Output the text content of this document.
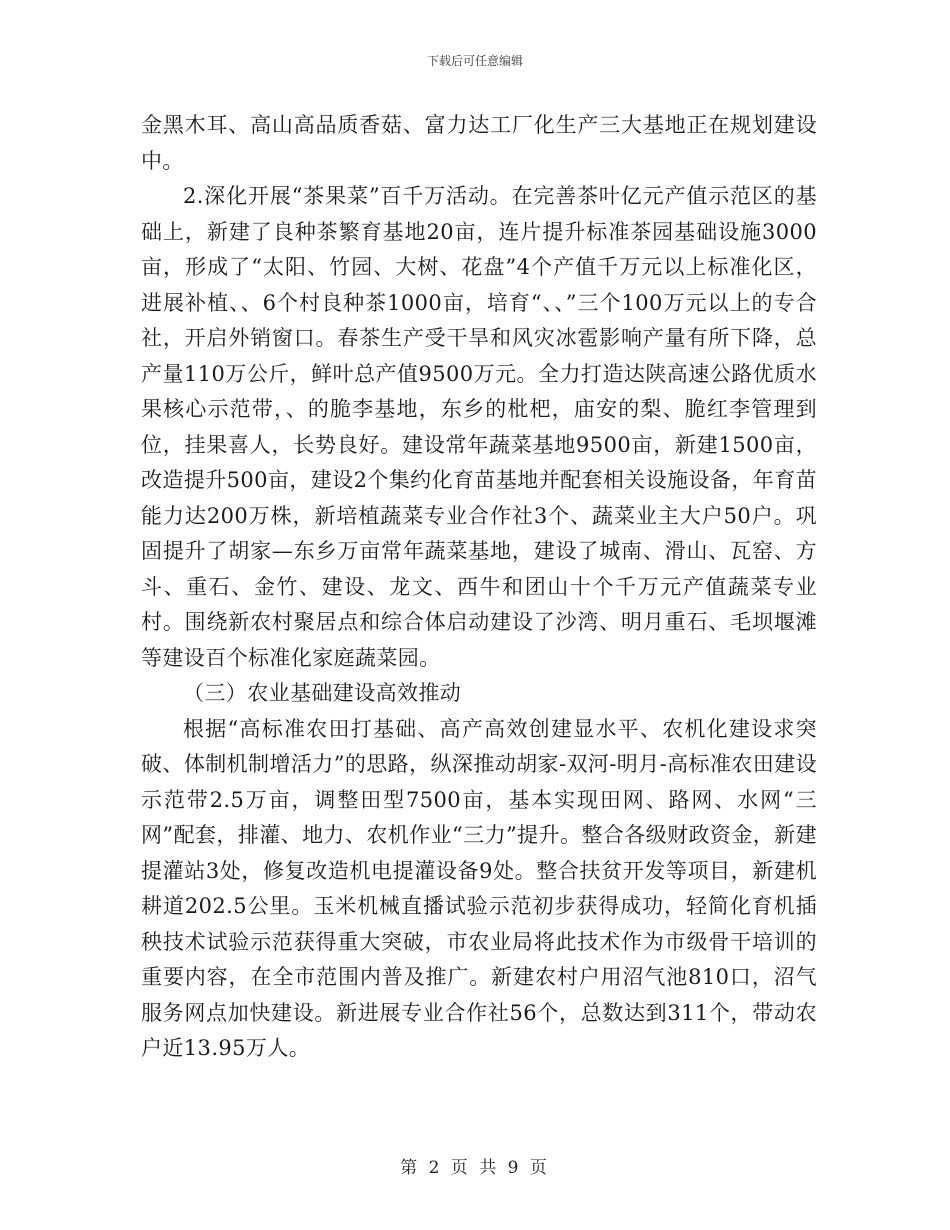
下载后可任意编辑

金黑木耳、高山高品质香菇、富力达工厂化生产三大基地正在规划建设中。

2.深化开展“茶果菜”百千万活动。在完善茶叶亿元产值示范区的基础上，新建了良种茶繁育基地20亩，连片提升标准茶园基础设施3000亩，形成了“太阳、竹园、大树、花盘”4个产值千万元以上标准化区，进展补植、、6个村良种茶1000亩，培育“、、”三个100万元以上的专合社，开启外销窗口。春茶生产受干旱和风灾冰雹影响产量有所下降，总产量110万公斤，鲜叶总产值9500万元。全力打造达陕高速公路优质水果核心示范带，、的脆李基地，东乡的枇杷，庙安的梨、脆红李管理到位，挂果喜人，长势良好。建设常年蔬菜基地9500亩，新建1500亩，改造提升500亩，建设2个集约化育苗基地并配套相关设施设备，年育苗能力达200万株，新培植蔬菜专业合作社3个、蔬菜业主大户50户。巩固提升了胡家—东乡万亩常年蔬菜基地，建设了城南、滑山、瓦窑、方斗、重石、金竹、建设、龙文、西牛和团山十个千万元产值蔬菜专业村。围绕新农村聚居点和综合体启动建设了沙湾、明月重石、毛坝堰滩等建设百个标准化家庭蔬菜园。

（三）农业基础建设高效推动

根据“高标准农田打基础、高产高效创建显水平、农机化建设求突破、体制机制增活力”的思路，纵深推动胡家-双河-明月-高标准农田建设示范带2.5万亩，调整田型7500亩，基本实现田网、路网、水网“三网”配套，排灌、地力、农机作业“三力”提升。整合各级财政资金，新建提灌站3处，修复改造机电提灌设备9处。整合扶贫开发等项目，新建机耕道202.5公里。玉米机械直播试验示范初步获得成功，轻简化育机插秧技术试验示范获得重大突破，市农业局将此技术作为市级骨干培训的重要内容，在全市范围内普及推广。新建农村户用沼气池810口，沼气服务网点加快建设。新进展专业合作社56个，总数达到311个，带动农户近13.95万人。

第 2 页 共 9 页
